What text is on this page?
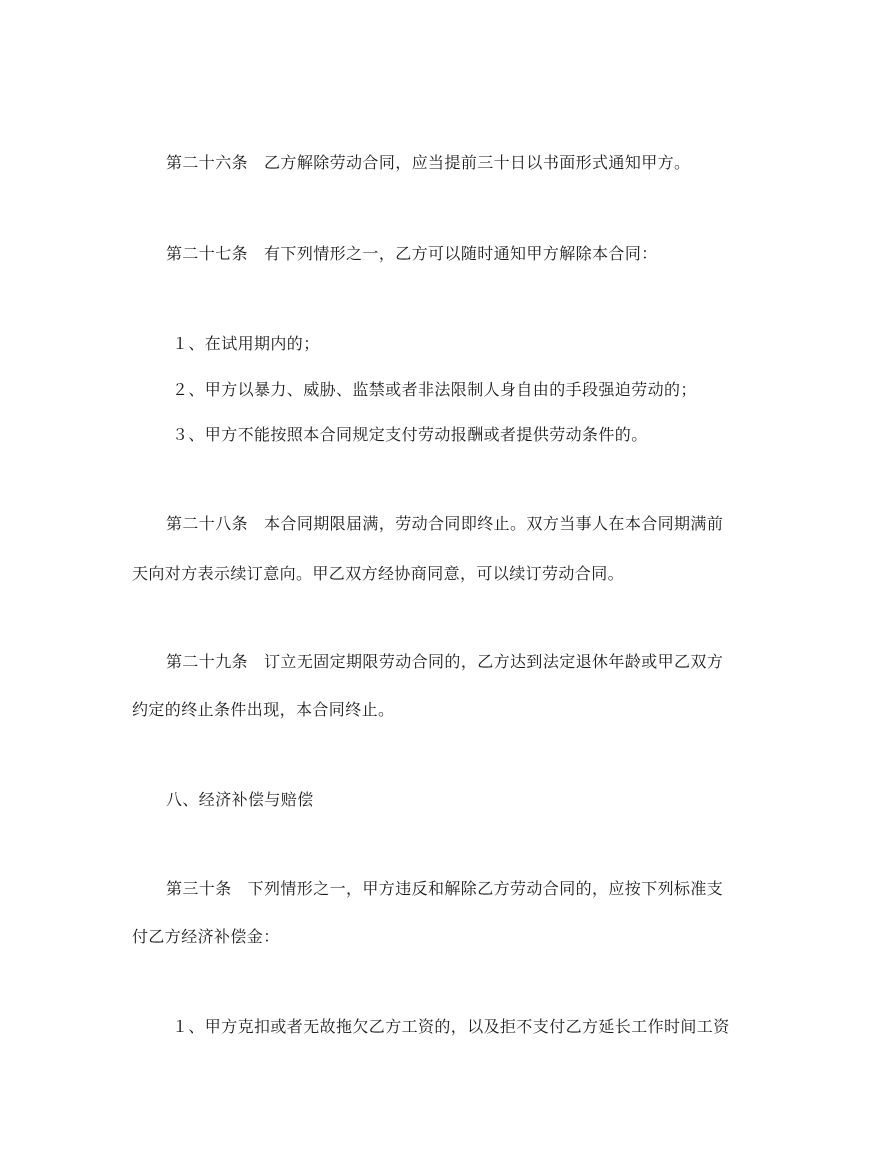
第二十六条 乙方解除劳动合同，应当提前三十日以书面形式通知甲方。
第二十七条 有下列情形之一，乙方可以随时通知甲方解除本合同：
１、在试用期内的；
２、甲方以暴力、威胁、监禁或者非法限制人身自由的手段强迫劳动的；
３、甲方不能按照本合同规定支付劳动报酬或者提供劳动条件的。
第二十八条 本合同期限届满，劳动合同即终止。双方当事人在本合同期满前
天向对方表示续订意向。甲乙双方经协商同意，可以续订劳动合同。
第二十九条 订立无固定期限劳动合同的，乙方达到法定退休年龄或甲乙双方
约定的终止条件出现，本合同终止。
八、经济补偿与赔偿
第三十条 下列情形之一，甲方违反和解除乙方劳动合同的，应按下列标准支
付乙方经济补偿金：
１、甲方克扣或者无故拖欠乙方工资的，以及拒不支付乙方延长工作时间工资
